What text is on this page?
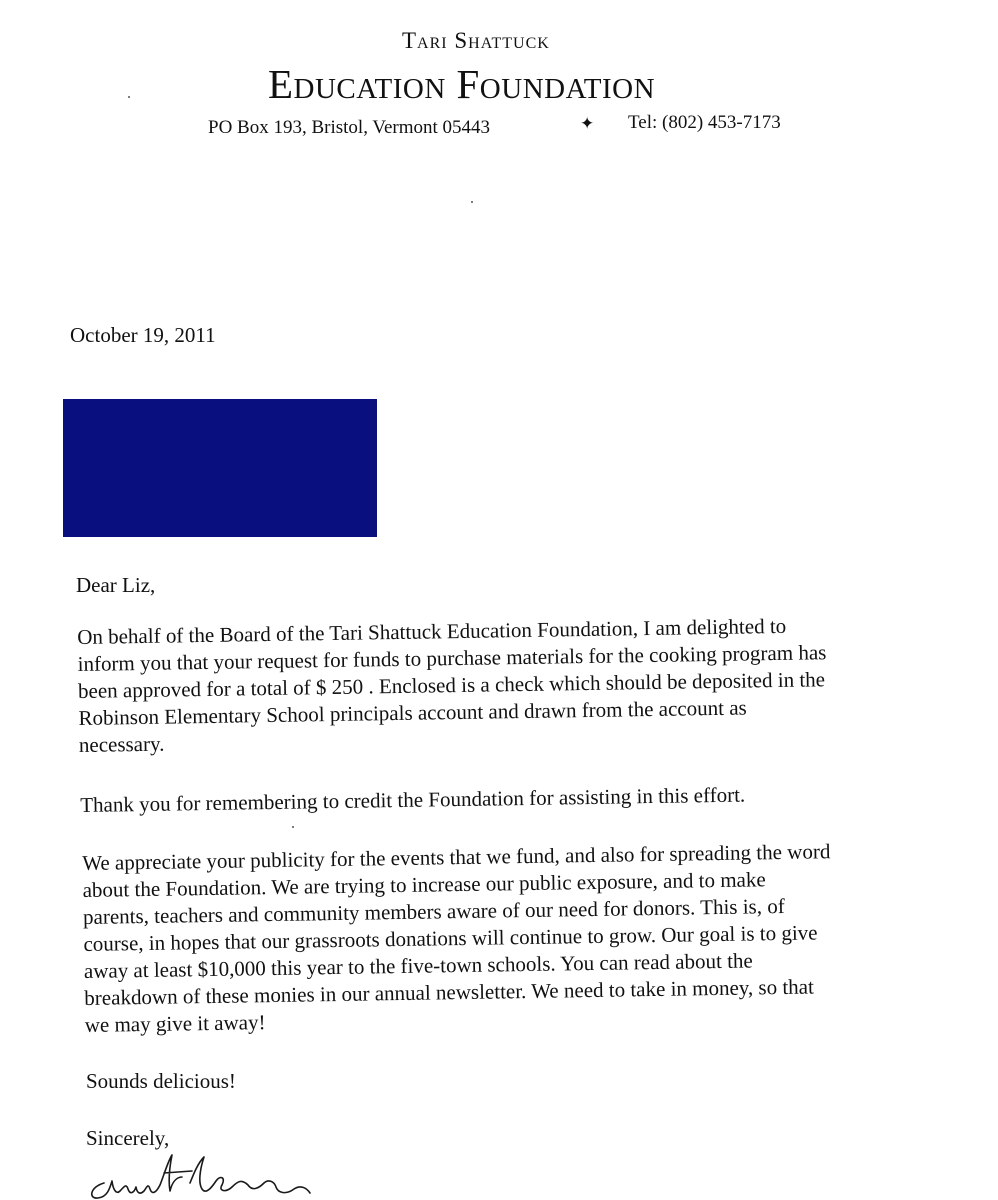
Tari Shattuck
Education Foundation
PO Box 193, Bristol, Vermont 05443	✦ Tel: (802) 453-7173
October 19, 2011
Dear Liz,
On behalf of the Board of the Tari Shattuck Education Foundation, I am delighted to
inform you that your request for funds to purchase materials for the cooking program has
been approved for a total of $ 250 . Enclosed is a check which should be deposited in the
Robinson Elementary School principals account and drawn from the account as
necessary.
Thank you for remembering to credit the Foundation for assisting in this effort.
We appreciate your publicity for the events that we fund, and also for spreading the word
about the Foundation. We are trying to increase our public exposure, and to make
parents, teachers and community members aware of our need for donors. This is, of
course, in hopes that our grassroots donations will continue to grow. Our goal is to give
away at least $10,000 this year to the five-town schools. You can read about the
breakdown of these monies in our annual newsletter. We need to take in money, so that
we may give it away!
Sounds delicious!
Sincerely,
